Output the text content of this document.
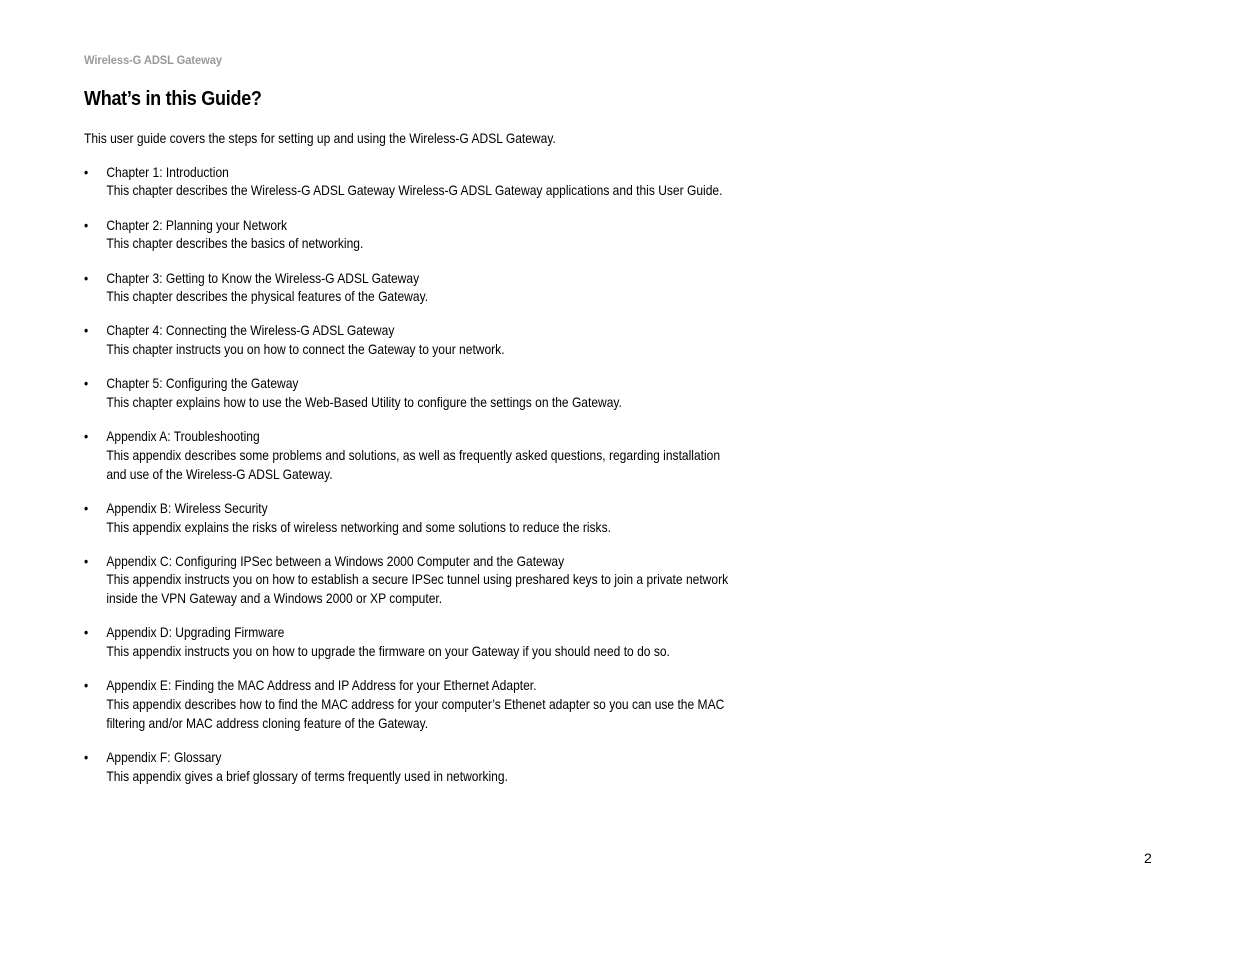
Wireless-G ADSL Gateway
What’s in this Guide?

This user guide covers the steps for setting up and using the Wireless-G ADSL Gateway.

• Chapter 1: Introduction
This chapter describes the Wireless-G ADSL Gateway Wireless-G ADSL Gateway applications and this User Guide.
• Chapter 2: Planning your Network
This chapter describes the basics of networking.
• Chapter 3: Getting to Know the Wireless-G ADSL Gateway
This chapter describes the physical features of the Gateway.
• Chapter 4: Connecting the Wireless-G ADSL Gateway
This chapter instructs you on how to connect the Gateway to your network.
• Chapter 5: Configuring the Gateway
This chapter explains how to use the Web-Based Utility to configure the settings on the Gateway.
• Appendix A: Troubleshooting
This appendix describes some problems and solutions, as well as frequently asked questions, regarding installation and use of the Wireless-G ADSL Gateway.
• Appendix B: Wireless Security
This appendix explains the risks of wireless networking and some solutions to reduce the risks.
• Appendix C: Configuring IPSec between a Windows 2000 Computer and the Gateway
This appendix instructs you on how to establish a secure IPSec tunnel using preshared keys to join a private network inside the VPN Gateway and a Windows 2000 or XP computer.
• Appendix D: Upgrading Firmware
This appendix instructs you on how to upgrade the firmware on your Gateway if you should need to do so.
• Appendix E: Finding the MAC Address and IP Address for your Ethernet Adapter.
This appendix describes how to find the MAC address for your computer’s Ethenet adapter so you can use the MAC filtering and/or MAC address cloning feature of the Gateway.
• Appendix F: Glossary
This appendix gives a brief glossary of terms frequently used in networking.
2
